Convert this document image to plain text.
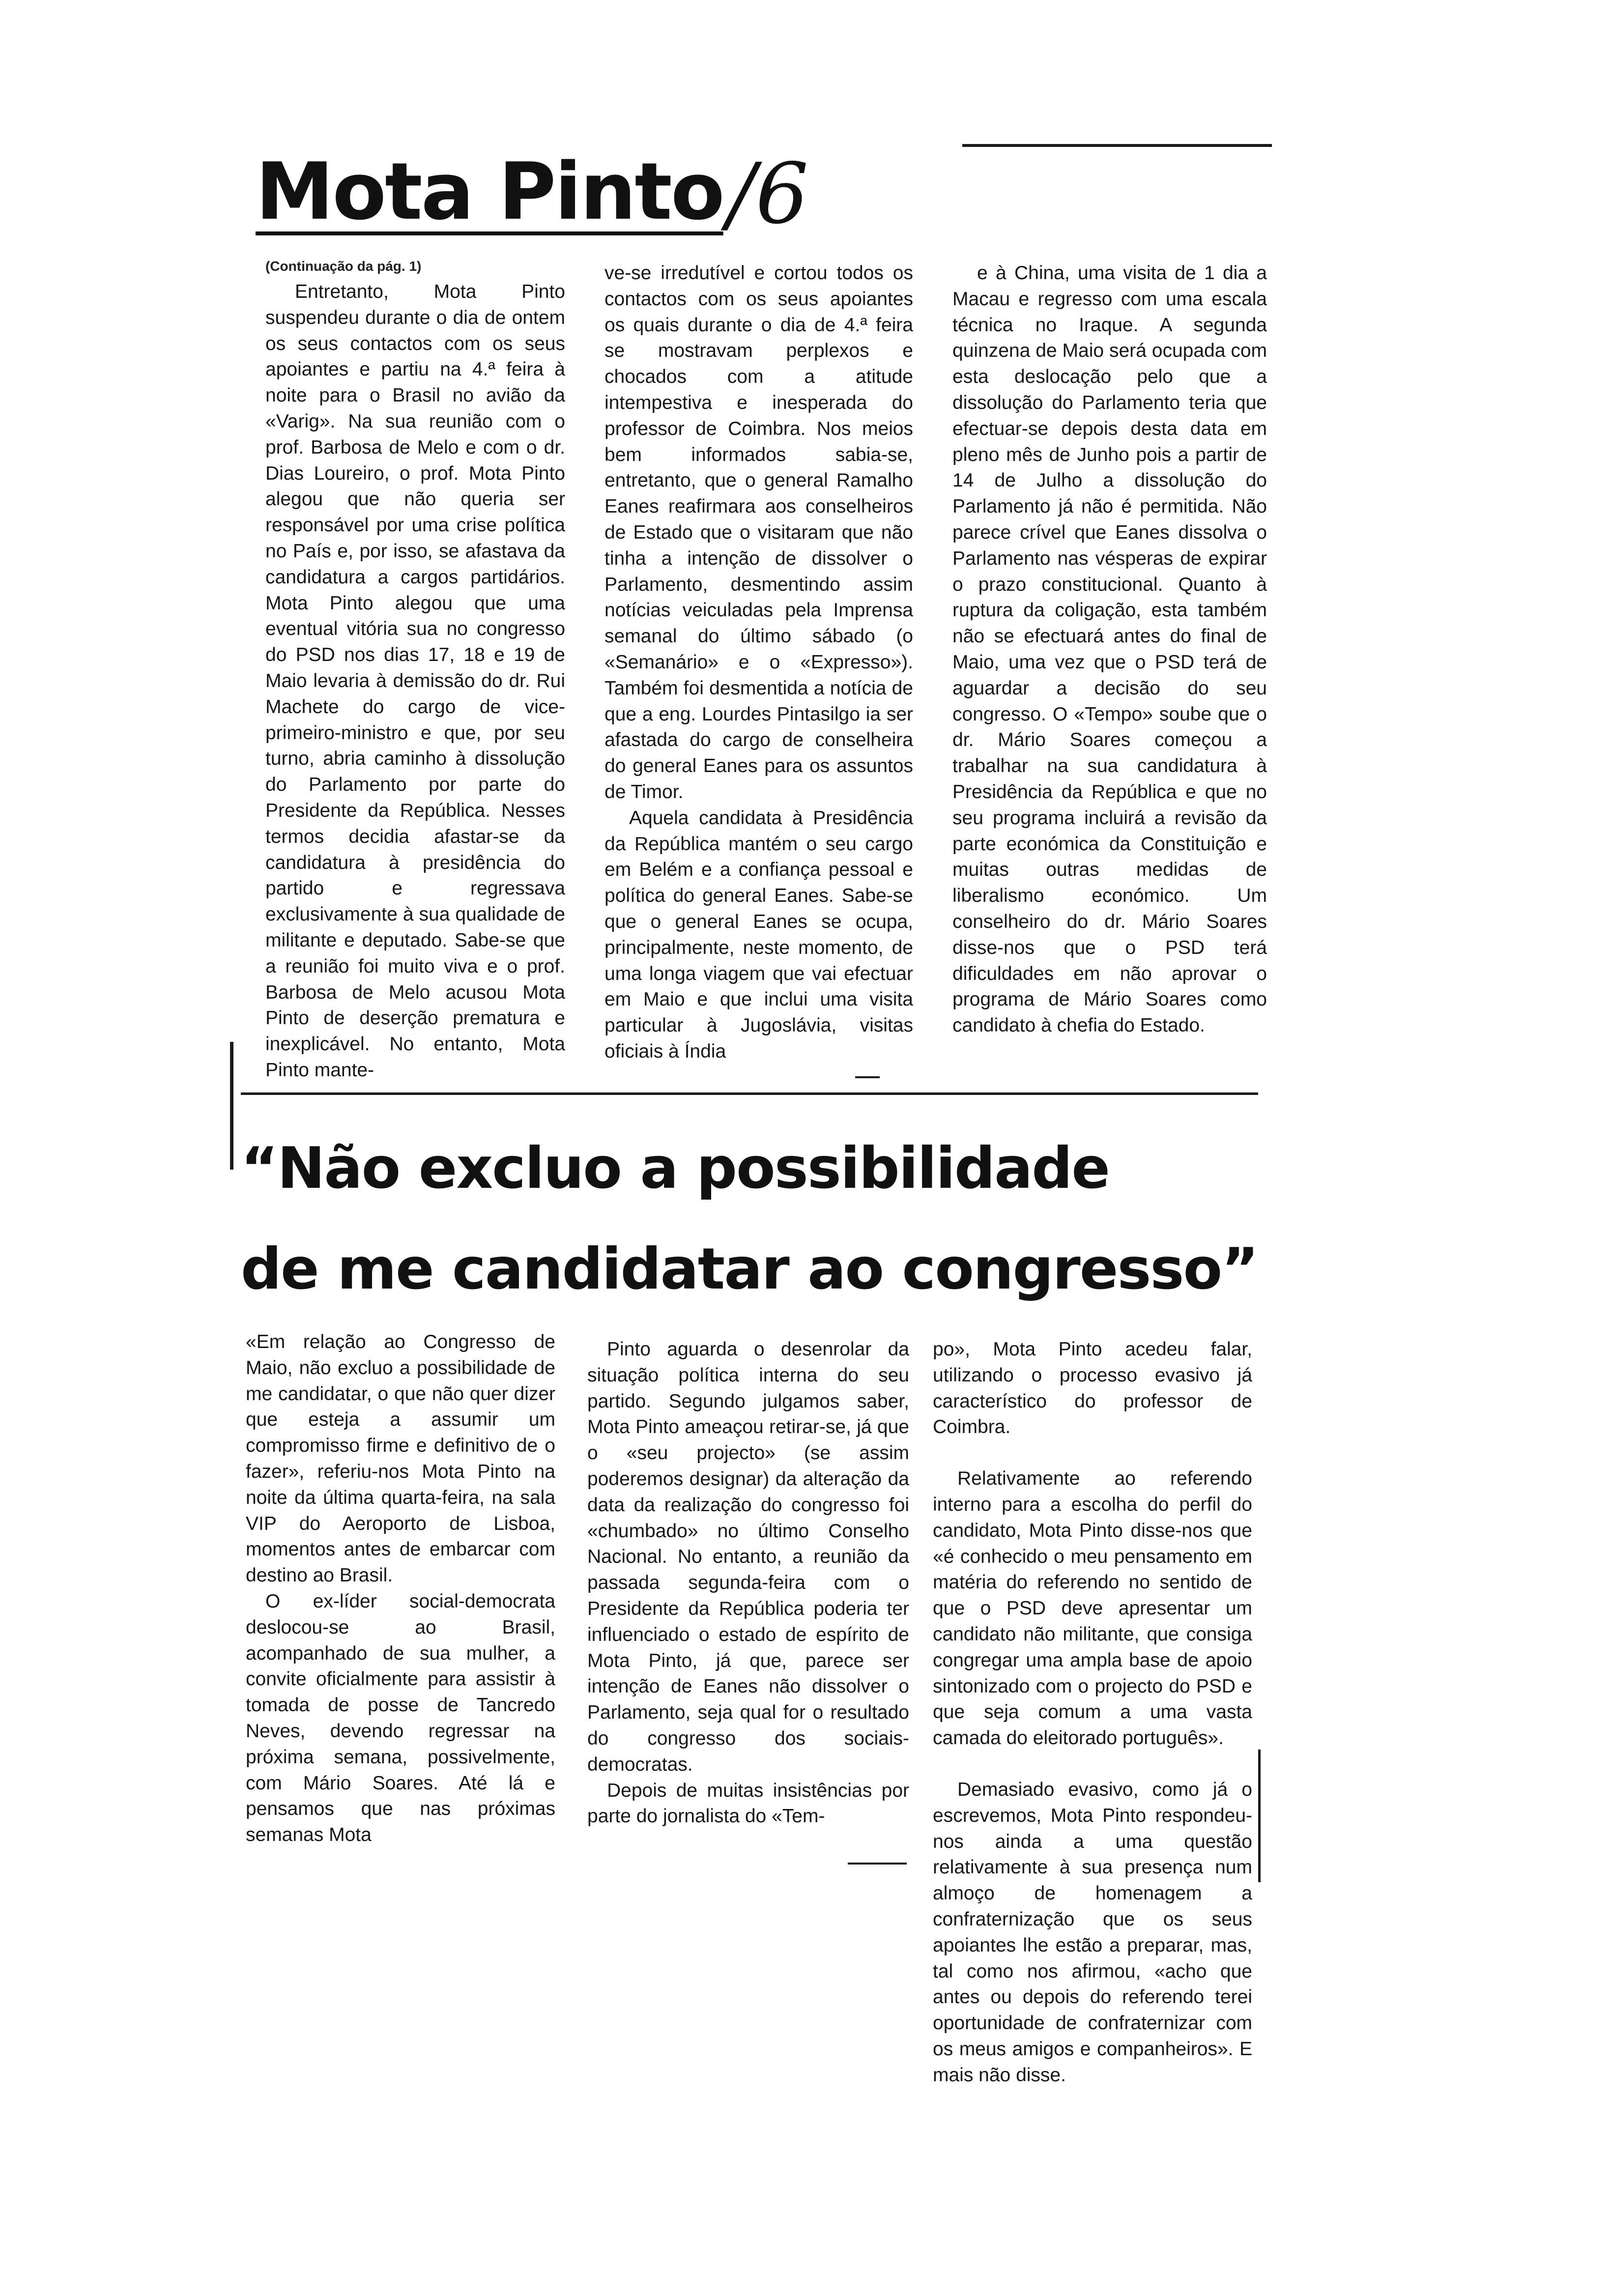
Mota Pinto /6
(Continuação da pág. 1)

Entretanto, Mota Pinto suspendeu durante o dia de ontem os seus contactos com os seus apoiantes e partiu na 4.ª feira à noite para o Brasil no avião da «Varig». Na sua reunião com o prof. Barbosa de Melo e com o dr. Dias Loureiro, o prof. Mota Pinto alegou que não queria ser responsável por uma crise política no País e, por isso, se afastava da candidatura a cargos partidários. Mota Pinto alegou que uma eventual vitória sua no congresso do PSD nos dias 17, 18 e 19 de Maio levaria à demissão do dr. Rui Machete do cargo de vice-primeiro-ministro e que, por seu turno, abria caminho à dissolução do Parlamento por parte do Presidente da República. Nesses termos decidia afastar-se da candidatura à presidência do partido e regressava exclusivamente à sua qualidade de militante e deputado. Sabe-se que a reunião foi muito viva e o prof. Barbosa de Melo acusou Mota Pinto de deserção prematura e inexplicável. No entanto, Mota Pinto mante-

ve-se irredutível e cortou todos os contactos com os seus apoiantes os quais durante o dia de 4.ª feira se mostravam perplexos e chocados com a atitude intempestiva e inesperada do professor de Coimbra. Nos meios bem informados sabia-se, entretanto, que o general Ramalho Eanes reafirmara aos conselheiros de Estado que o visitaram que não tinha a intenção de dissolver o Parlamento, desmentindo assim notícias veiculadas pela Imprensa semanal do último sábado (o «Semanário» e o «Expresso»). Também foi desmentida a notícia de que a eng. Lourdes Pintasilgo ia ser afastada do cargo de conselheira do general Eanes para os assuntos de Timor.

Aquela candidata à Presidência da República mantém o seu cargo em Belém e a confiança pessoal e política do general Eanes. Sabe-se que o general Eanes se ocupa, principalmente, neste momento, de uma longa viagem que vai efectuar em Maio e que inclui uma visita particular à Jugoslávia, visitas oficiais à Índia

e à China, uma visita de 1 dia a Macau e regresso com uma escala técnica no Iraque. A segunda quinzena de Maio será ocupada com esta deslocação pelo que a dissolução do Parlamento teria que efectuar-se depois desta data em pleno mês de Junho pois a partir de 14 de Julho a dissolução do Parlamento já não é permitida. Não parece crível que Eanes dissolva o Parlamento nas vésperas de expirar o prazo constitucional. Quanto à ruptura da coligação, esta também não se efectuará antes do final de Maio, uma vez que o PSD terá de aguardar a decisão do seu congresso. O «Tempo» soube que o dr. Mário Soares começou a trabalhar na sua candidatura à Presidência da República e que no seu programa incluirá a revisão da parte económica da Constituição e muitas outras medidas de liberalismo económico. Um conselheiro do dr. Mário Soares disse-nos que o PSD terá dificuldades em não aprovar o programa de Mário Soares como candidato à chefia do Estado.

“Não excluo a possibilidade
de me candidatar ao congresso”

«Em relação ao Congresso de Maio, não excluo a possibilidade de me candidatar, o que não quer dizer que esteja a assumir um compromisso firme e definitivo de o fazer», referiu-nos Mota Pinto na noite da última quarta-feira, na sala VIP do Aeroporto de Lisboa, momentos antes de embarcar com destino ao Brasil.

O ex-líder social-democrata deslocou-se ao Brasil, acompanhado de sua mulher, a convite oficialmente para assistir à tomada de posse de Tancredo Neves, devendo regressar na próxima semana, possivelmente, com Mário Soares. Até lá e pensamos que nas próximas semanas Mota

Pinto aguarda o desenrolar da situação política interna do seu partido. Segundo julgamos saber, Mota Pinto ameaçou retirar-se, já que o «seu projecto» (se assim poderemos designar) da alteração da data da realização do congresso foi «chumbado» no último Conselho Nacional. No entanto, a reunião da passada segunda-feira com o Presidente da República poderia ter influenciado o estado de espírito de Mota Pinto, já que, parece ser intenção de Eanes não dissolver o Parlamento, seja qual for o resultado do congresso dos sociais-democratas.

Depois de muitas insistências por parte do jornalista do «Tem-

po», Mota Pinto acedeu falar, utilizando o processo evasivo já característico do professor de Coimbra.

Relativamente ao referendo interno para a escolha do perfil do candidato, Mota Pinto disse-nos que «é conhecido o meu pensamento em matéria do referendo no sentido de que o PSD deve apresentar um candidato não militante, que consiga congregar uma ampla base de apoio sintonizado com o projecto do PSD e que seja comum a uma vasta camada do eleitorado português».

Demasiado evasivo, como já o escrevemos, Mota Pinto respondeu-nos ainda a uma questão relativamente à sua presença num almoço de homenagem a confraternização que os seus apoiantes lhe estão a preparar, mas, tal como nos afirmou, «acho que antes ou depois do referendo terei oportunidade de confraternizar com os meus amigos e companheiros». E mais não disse.
